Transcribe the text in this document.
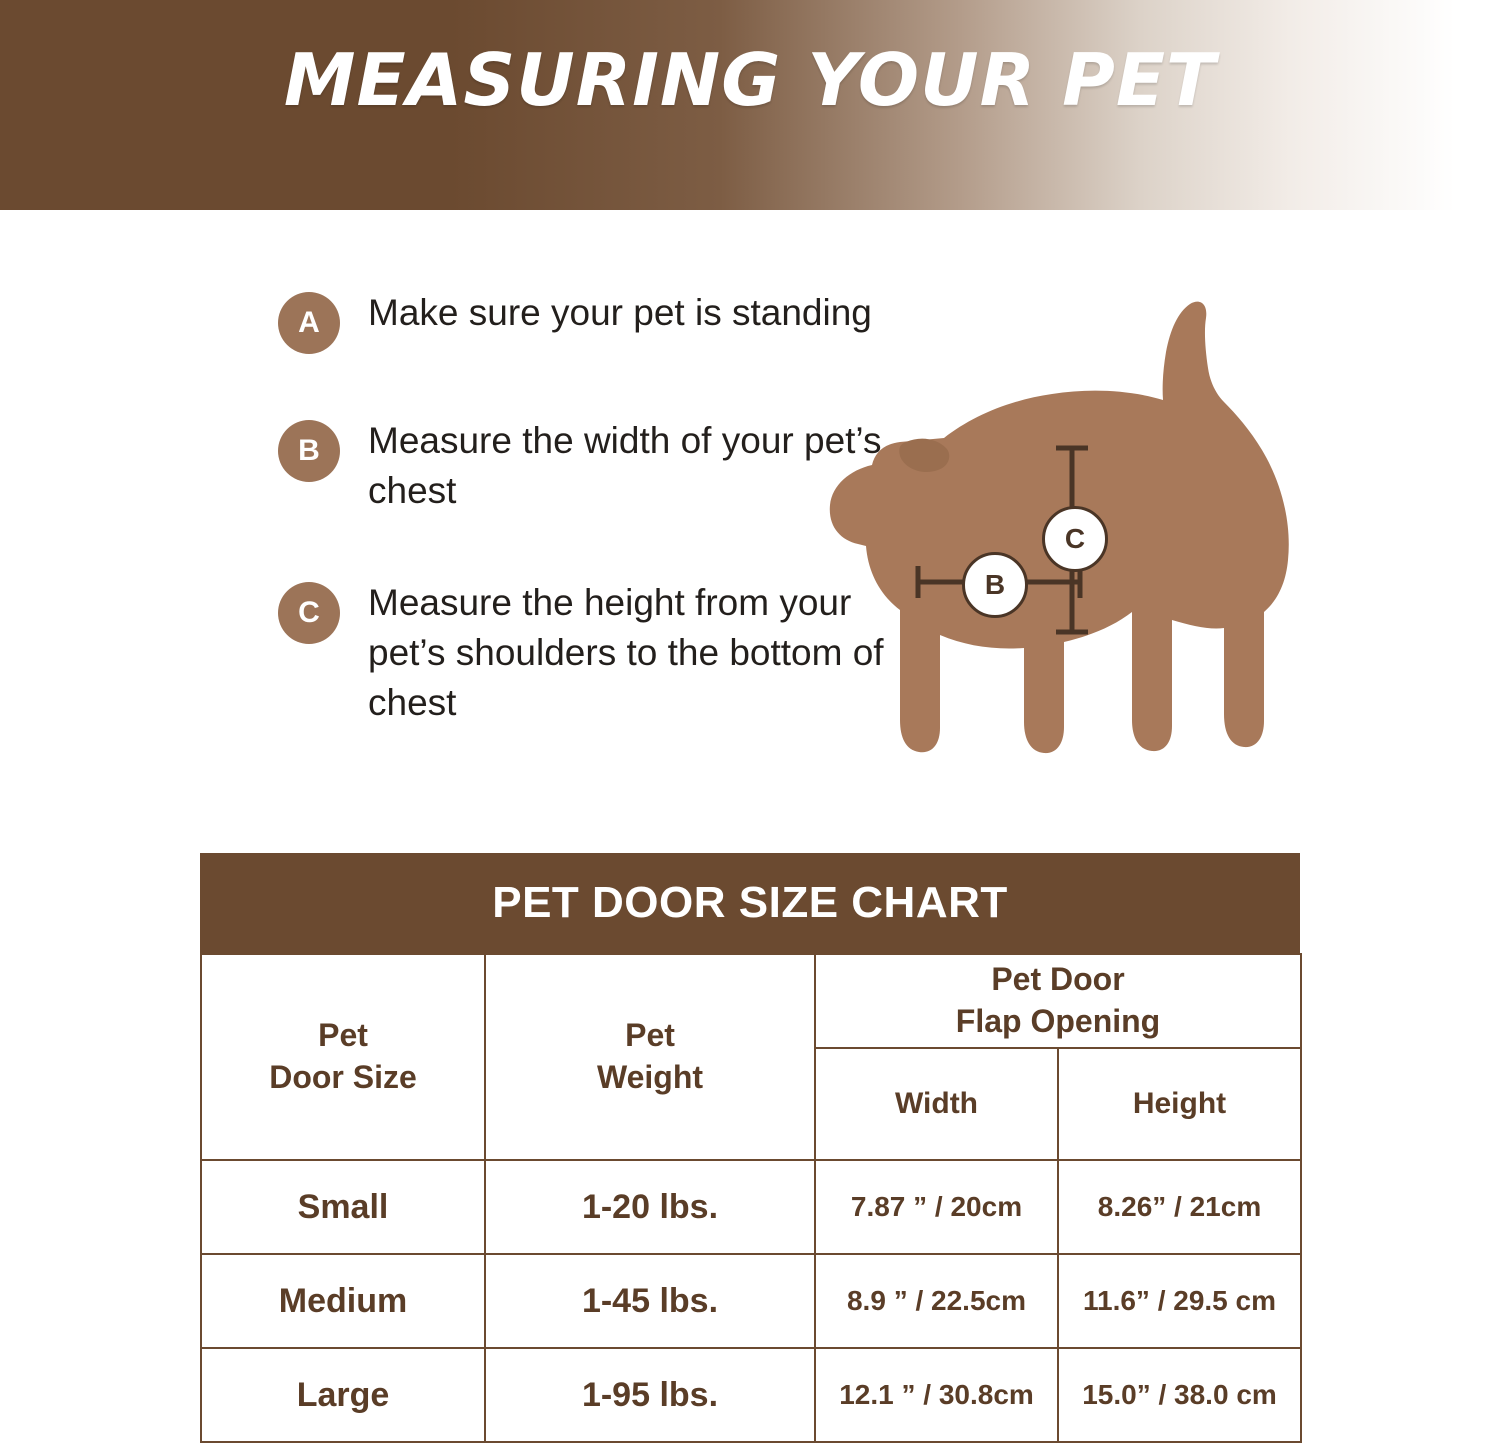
MEASURING YOUR PET
A	Make sure your pet is standing
B	Measure the width of your pet’s chest
C	Measure the height from your pet’s shoulders to the bottom of chest
B
C
PET DOOR SIZE CHART
Pet
Door Size

Pet
Weight

Pet Door
Flap Opening

		Width	Height
Small	1-20 lbs.	7.87 ” / 20cm	8.26” / 21cm
Medium	1-45 lbs.	8.9 ” / 22.5cm	11.6” / 29.5 cm
Large	1-95 lbs.	12.1 ” / 30.8cm	15.0” / 38.0 cm
